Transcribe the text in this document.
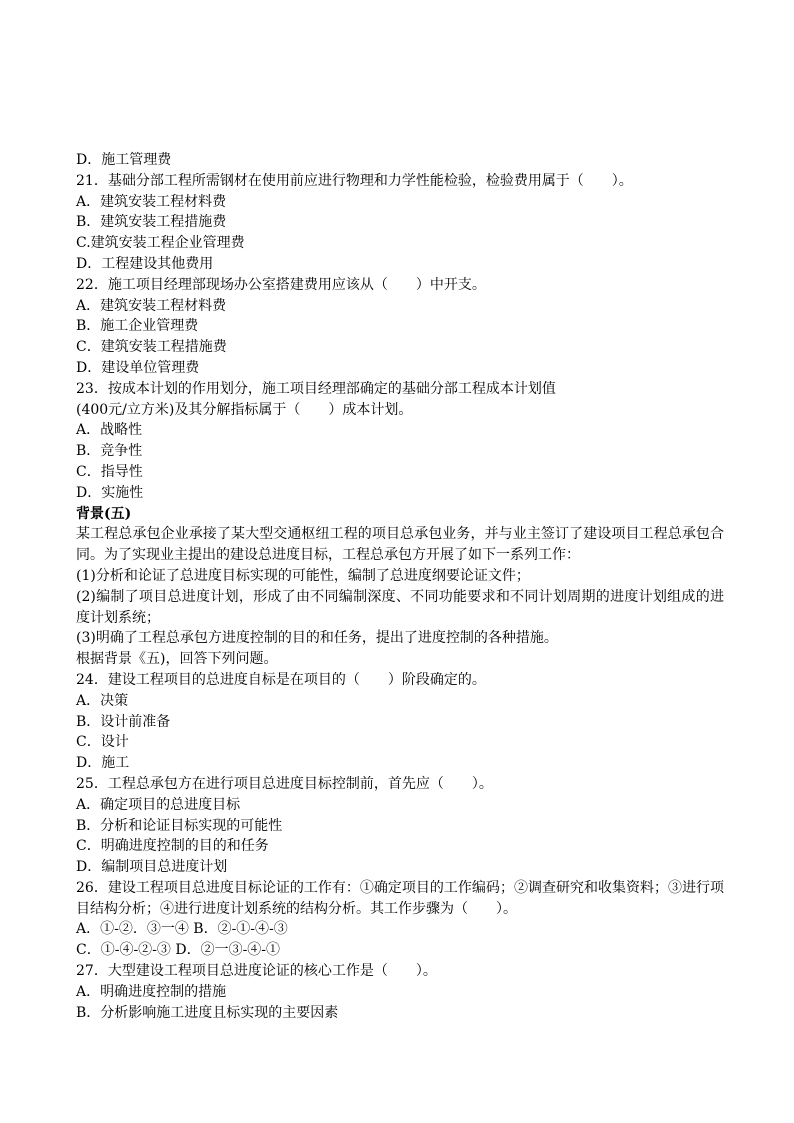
D．施工管理费
21．基础分部工程所需钢材在使用前应进行物理和力学性能检验，检验费用属于（　　）。
A．建筑安装工程材料费
B．建筑安装工程措施费
C.建筑安装工程企业管理费
D．工程建设其他费用
22．施工项目经理部现场办公室搭建费用应该从（　　）中开支。
A．建筑安装工程材料费
B．施工企业管理费
C．建筑安装工程措施费
D．建设单位管理费
23．按成本计划的作用划分，施工项目经理部确定的基础分部工程成本计划值
(400元/立方米)及其分解指标属于（　　）成本计划。
A．战略性
B．竞争性
C．指导性
D．实施性
背景(五)
某工程总承包企业承接了某大型交通枢纽工程的项目总承包业务，并与业主签订了建设项目工程总承包合同。为了实现业主提出的建设总进度目标，工程总承包方开展了如下一系列工作：
(1)分析和论证了总进度目标实现的可能性，编制了总进度纲要论证文件；
(2)编制了项目总进度计划，形成了由不同编制深度、不同功能要求和不同计划周期的进度计划组成的进度计划系统；
(3)明确了工程总承包方进度控制的目的和任务，提出了进度控制的各种措施。
根据背景《五)，回答下列问题。
24．建设工程项目的总进度自标是在项目的（　　）阶段确定的。
A．决策
B．设计前准备
C．设计
D．施工
25．工程总承包方在进行项目总进度目标控制前，首先应（　　）。
A．确定项目的总进度目标
B．分析和论证目标实现的可能性
C．明确进度控制的目的和任务
D．编制项目总进度计划
26．建设工程项目总进度目标论证的工作有：①确定项目的工作编码；②调查研究和收集资料；③进行项目结构分析；④进行进度计划系统的结构分析。其工作步骤为（　　）。
A．①-②．③一④ B．②-①-④-③
C．①-④-②-③ D．②一③-④-①
27．大型建设工程项目总进度论证的核心工作是（　　）。
A．明确进度控制的措施
B．分析影响施工进度且标实现的主要因素
